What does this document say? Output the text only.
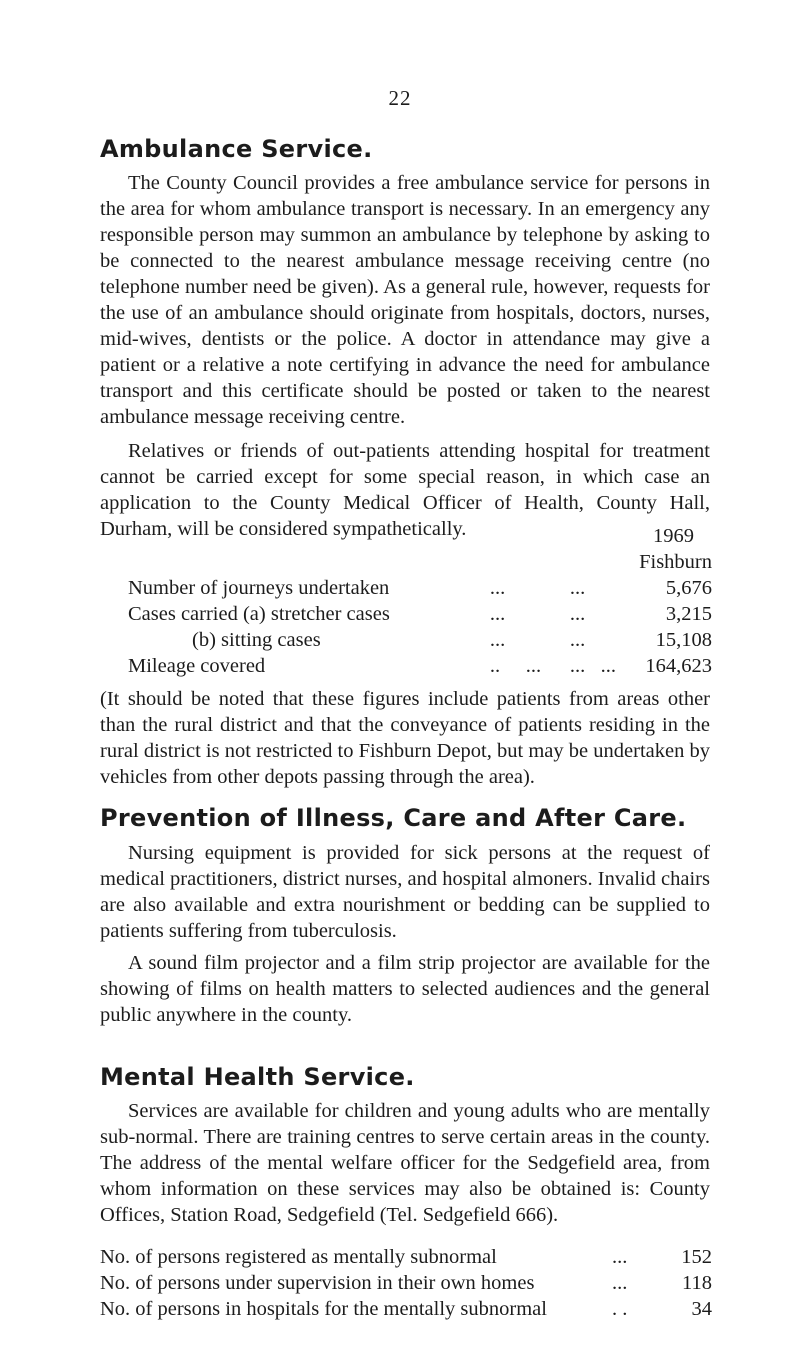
22
Ambulance Service.

The County Council provides a free ambulance service for persons in the area for whom ambulance transport is necessary. In an emergency any responsible person may summon an ambulance by telephone by asking to be connected to the nearest ambulance message receiving centre (no telephone number need be given). As a general rule, however, requests for the use of an ambulance should originate from hospitals, doctors, nurses, mid-wives, dentists or the police. A doctor in attendance may give a patient or a relative a note certifying in advance the need for ambulance transport and this certificate should be posted or taken to the nearest ambulance message receiving centre.

Relatives or friends of out-patients attending hospital for treatment cannot be carried except for some special reason, in which case an application to the County Medical Officer of Health, County Hall, Durham, will be considered sympathetically.	1969			
Fishburn			
Number of journeys undertaken	...	...	5,676
Cases carried (a) stretcher cases	...	...	3,215
(b) sitting cases	...	...	15,108
Mileage covered	..     ...	...   ...	164,623

(It should be noted that these figures include patients from areas other than the rural district and that the conveyance of patients residing in the rural district is not restricted to Fishburn Depot, but may be undertaken by vehicles from other depots passing through the area).

Prevention of Illness, Care and After Care.

Nursing equipment is provided for sick persons at the request of medical practitioners, district nurses, and hospital almoners. Invalid chairs are also available and extra nourishment or bedding can be supplied to patients suffering from tuberculosis.

A sound film projector and a film strip projector are available for the showing of films on health matters to selected audiences and the general public anywhere in the county.

Mental Health Service.

Services are available for children and young adults who are mentally sub-normal. There are training centres to serve certain areas in the county. The address of the mental welfare officer for the Sedgefield area, from whom information on these services may also be obtained is: County Offices, Station Road, Sedgefield (Tel. Sedgefield 666).

No. of persons registered as mentally subnormal	...	152
No. of persons under supervision in their own homes	...	118
No. of persons in hospitals for the mentally subnormal	. .	34
